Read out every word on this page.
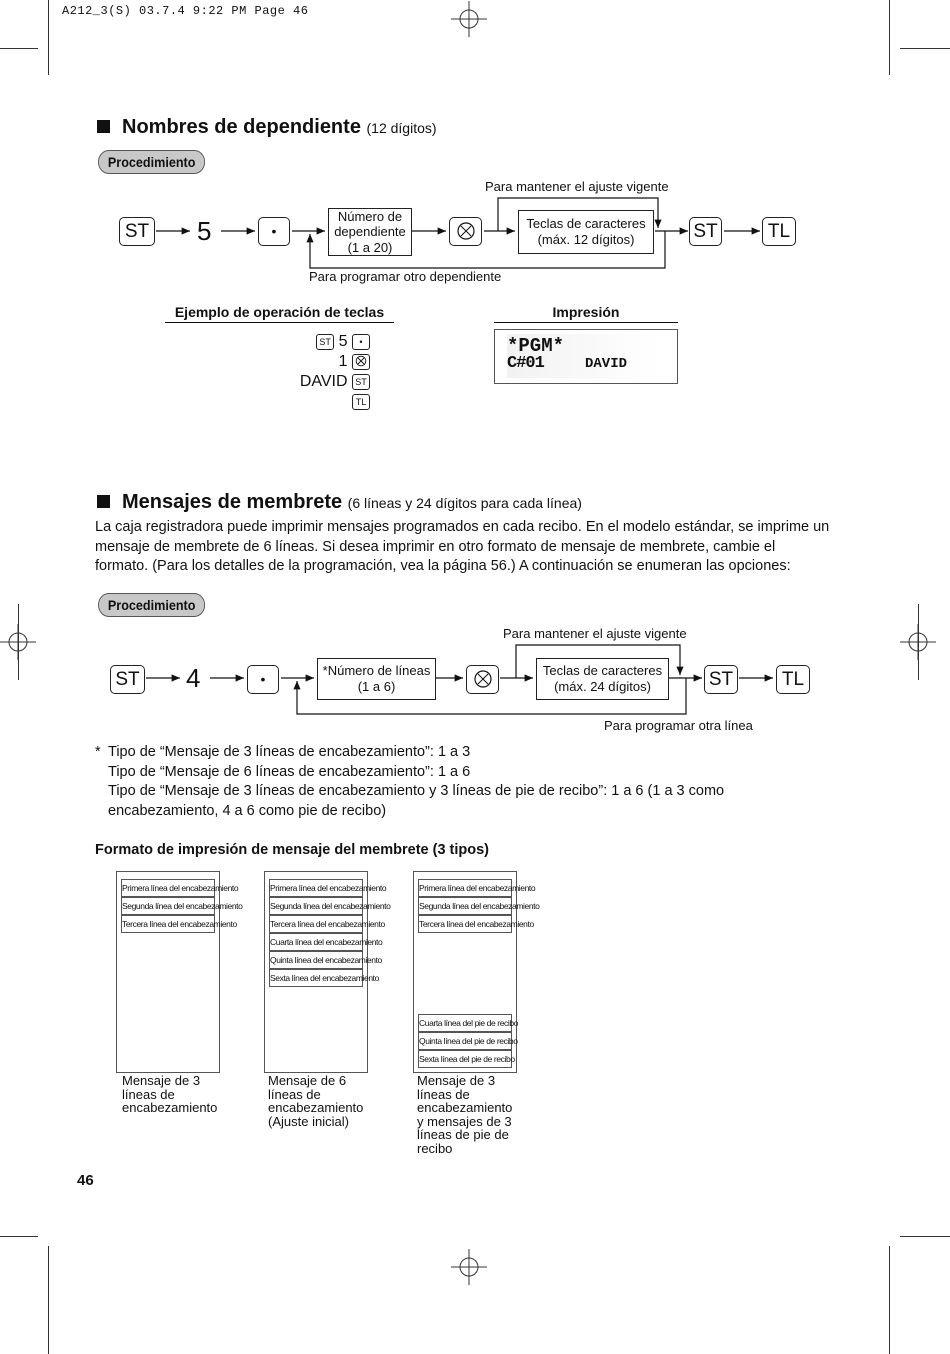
A212_3(S) 03.7.4 9:22 PM Page 46
Nombres de dependiente (12 dígitos)
Procedimiento
ST 5	•
Número de
dependiente
(1 a 20)
Teclas de caracteres
(máx. 12 dígitos)	ST	TL
Para mantener el ajuste vigente
Para programar otro dependiente
Ejemplo de operación de teclas
ST 5 •
1
DAVID ST
TL
Impresión
*PGM*
C#01	DAVID
Mensajes de membrete (6 líneas y 24 dígitos para cada línea)
La caja registradora puede imprimir mensajes programados en cada recibo. En el modelo estándar, se imprime un mensaje de membrete de 6 líneas. Si desea imprimir en otro formato de mensaje de membrete, cambie el formato. (Para los detalles de la programación, vea la página 56.) A continuación se enumeran las opciones:
Procedimiento
ST 4	•
*Número de líneas
(1 a 6)
Teclas de caracteres
(máx. 24 dígitos)	ST	TL
Para mantener el ajuste vigente
Para programar otra línea
* Tipo de “Mensaje de 3 líneas de encabezamiento”: 1 a 3
Tipo de “Mensaje de 6 líneas de encabezamiento”: 1 a 6
Tipo de “Mensaje de 3 líneas de encabezamiento y 3 líneas de pie de recibo”: 1 a 6 (1 a 3 como
encabezamiento, 4 a 6 como pie de recibo)
Formato de impresión de mensaje del membrete (3 tipos)
Primera línea del encabezamiento
Segunda línea del encabezamiento
Tercera línea del encabezamiento
Mensaje de 3
líneas de
encabezamiento
Primera línea del encabezamiento
Segunda línea del encabezamiento
Tercera línea del encabezamiento
Cuarta línea del encabezamiento
Quinta línea del encabezamiento
Sexta línea del encabezamiento
Mensaje de 6
líneas de
encabezamiento
(Ajuste inicial)
Primera línea del encabezamiento
Segunda línea del encabezamiento
Tercera línea del encabezamiento
Cuarta línea del pie de recibo
Quinta línea del pie de recibo
Sexta línea del pie de recibo
Mensaje de 3
líneas de
encabezamiento
y mensajes de 3
líneas de pie de
recibo
46
